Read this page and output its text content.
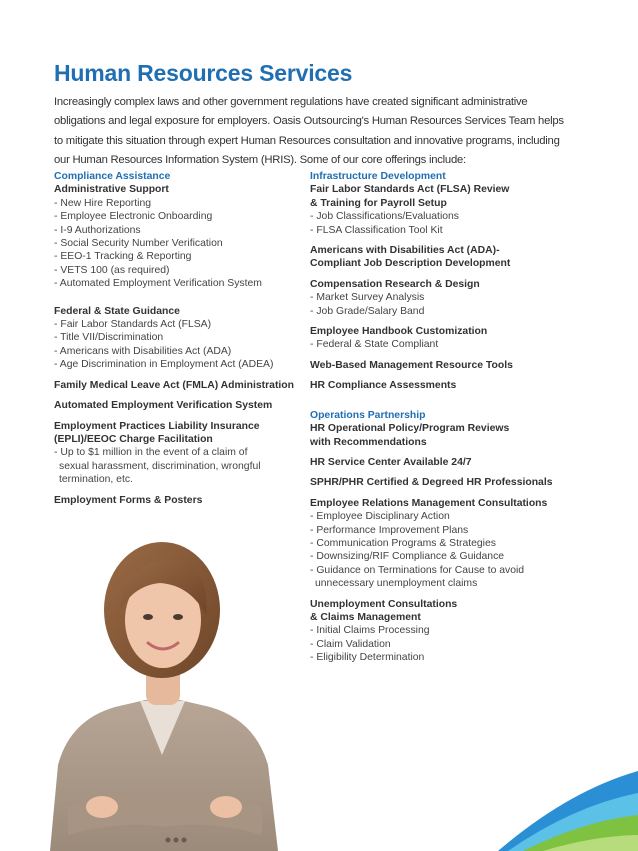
Human Resources Services

Increasingly complex laws and other government regulations have created significant administrative obligations and legal exposure for employers. Oasis Outsourcing's Human Resources Services Team helps to mitigate this situation through expert Human Resources consultation and innovative programs, including our Human Resources Information System (HRIS). Some of our core offerings include:

Compliance Assistance
Administrative Support
- New Hire Reporting
- Employee Electronic Onboarding
- I-9 Authorizations
- Social Security Number Verification
- EEO-1 Tracking & Reporting
- VETS 100 (as required)
- Automated Employment Verification System
Federal & State Guidance
- Fair Labor Standards Act (FLSA)
- Title VII/Discrimination
- Americans with Disabilities Act (ADA)
- Age Discrimination in Employment Act (ADEA)
Family Medical Leave Act (FMLA) Administration
Automated Employment Verification System
Employment Practices Liability Insurance
(EPLI)/EEOC Charge Facilitation
- Up to $1 million in the event of a claim of sexual harassment, discrimination, wrongful termination, etc.
Employment Forms & Posters
Infrastructure Development
Fair Labor Standards Act (FLSA) Review
& Training for Payroll Setup
- Job Classifications/Evaluations
- FLSA Classification Tool Kit
Americans with Disabilities Act (ADA)-
Compliant Job Description Development
Compensation Research & Design
- Market Survey Analysis
- Job Grade/Salary Band
Employee Handbook Customization
- Federal & State Compliant
Web-Based Management Resource Tools
HR Compliance Assessments
Operations Partnership
HR Operational Policy/Program Reviews
with Recommendations
HR Service Center Available 24/7
SPHR/PHR Certified & Degreed HR Professionals
Employee Relations Management Consultations
- Employee Disciplinary Action
- Performance Improvement Plans
- Communication Programs & Strategies
- Downsizing/RIF Compliance & Guidance
- Guidance on Terminations for Cause to avoid unnecessary unemployment claims
Unemployment Consultations
& Claims Management
- Initial Claims Processing
- Claim Validation
- Eligibility Determination
